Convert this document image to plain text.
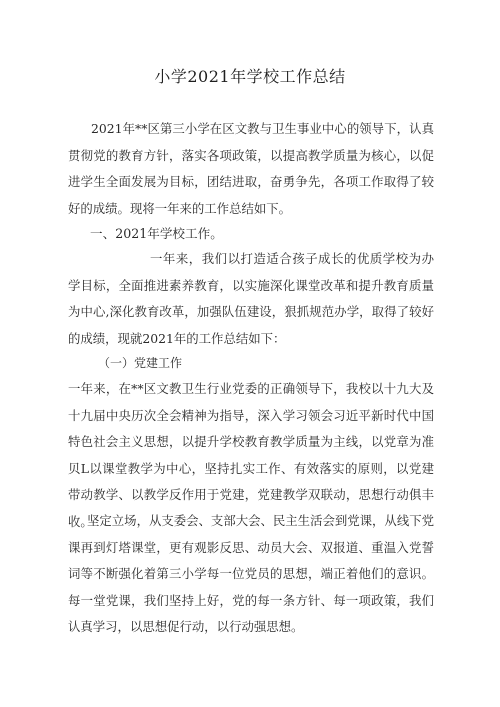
小学2021年学校工作总结
2021年**区第三小学在区文教与卫生事业中心的领导下，认真贯彻党的教育方针，落实各项政策，以提高教学质量为核心，以促进学生全面发展为目标，团结进取，奋勇争先，各项工作取得了较好的成绩。现将一年来的工作总结如下。
一、2021年学校工作。
一年来，我们以打造适合孩子成长的优质学校为办学目标，全面推进素养教育，以实施深化课堂改革和提升教育质量为中心,深化教育改革，加强队伍建设，狠抓规范办学，取得了较好的成绩，现就2021年的工作总结如下：
（一）党建工作
一年来，在**区文教卫生行业党委的正确领导下，我校以十九大及十九届中央历次全会精神为指导，深入学习领会习近平新时代中国特色社会主义思想，以提升学校教育教学质量为主线，以党章为准贝L以课堂教学为中心，坚持扎实工作、有效落实的原则，以党建带动教学、以教学反作用于党建，党建教学双联动，思想行动俱丰收。
坚定立场，从支委会、支部大会、民主生活会到党课，从线下党课再到灯塔课堂，更有观影反思、动员大会、双报道、重温入党誓词等不断强化着第三小学每一位党员的思想，端正着他们的意识。每一堂党课，我们坚持上好，党的每一条方针、每一项政策，我们认真学习，以思想促行动，以行动强思想。
